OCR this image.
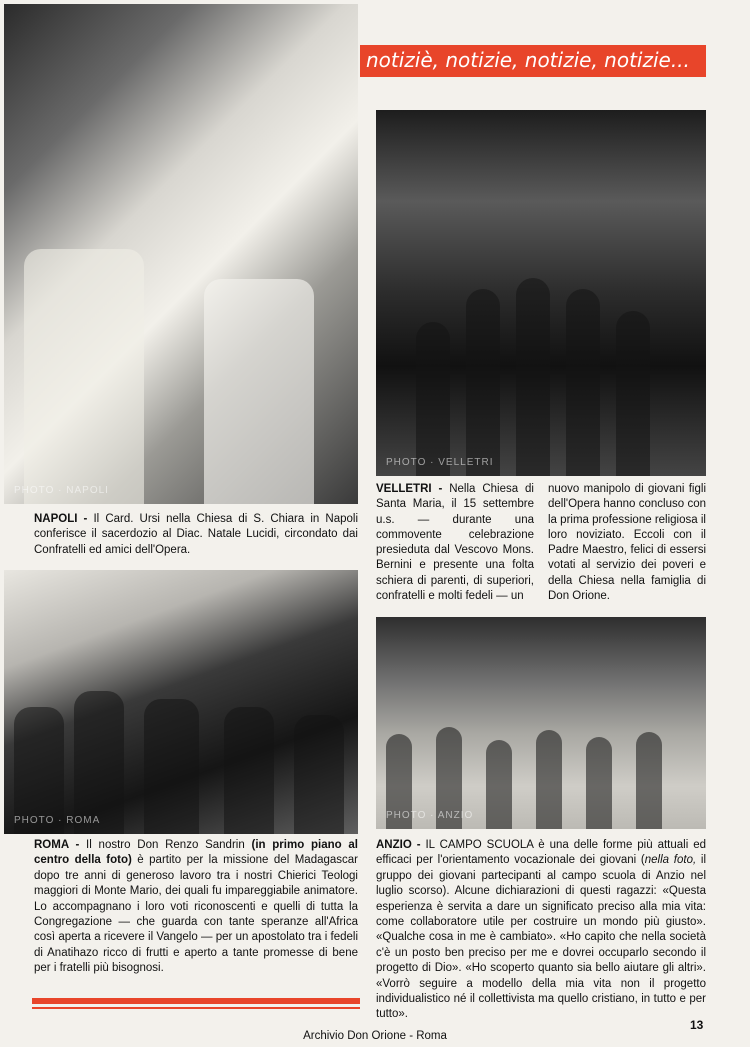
PHOTO · NAPOLI
notiziè, notizie, notizie, notizie...
PHOTO · VELLETRI
NAPOLI - Il Card. Ursi nella Chiesa di S. Chiara in Napoli conferisce il sacerdozio al Diac. Natale Lucidi, circondato dai Confratelli ed amici dell'Opera.
VELLETRI - Nella Chiesa di Santa Maria, il 15 settembre u.s. — durante una commovente celebrazione presieduta dal Vescovo Mons. Bernini e presente una folta schiera di parenti, di superiori, confratelli e molti fedeli — un
nuovo manipolo di giovani figli dell'Opera hanno concluso con la prima professione religiosa il loro noviziato. Eccoli con il Padre Maestro, felici di essersi votati al servizio dei poveri e della Chiesa nella famiglia di Don Orione.
PHOTO · ROMA	PHOTO · ANZIO
ROMA - Il nostro Don Renzo Sandrin (in primo piano al centro della foto) è partito per la missione del Madagascar dopo tre anni di generoso lavoro tra i nostri Chierici Teologi maggiori di Monte Mario, dei quali fu impareggiabile animatore. Lo accompagnano i loro voti riconoscenti e quelli di tutta la Congregazione — che guarda con tante speranze all'Africa così aperta a ricevere il Vangelo — per un apostolato tra i fedeli di Anatihazo ricco di frutti e aperto a tante promesse di bene per i fratelli più bisognosi.
ANZIO - IL CAMPO SCUOLA è una delle forme più attuali ed efficaci per l'orientamento vocazionale dei giovani (nella foto, il gruppo dei giovani partecipanti al campo scuola di Anzio nel luglio scorso). Alcune dichiarazioni di questi ragazzi: «Questa esperienza è servita a dare un significato preciso alla mia vita: come collaboratore utile per costruire un mondo più giusto». «Qualche cosa in me è cambiato». «Ho capito che nella società c'è un posto ben preciso per me e dovrei occuparlo secondo il progetto di Dio». «Ho scoperto quanto sia bello aiutare gli altri». «Vorrò seguire a modello della mia vita non il progetto individualistico né il collettivista ma quello cristiano, in tutto e per tutto».
13
Archivio Don Orione - Roma
